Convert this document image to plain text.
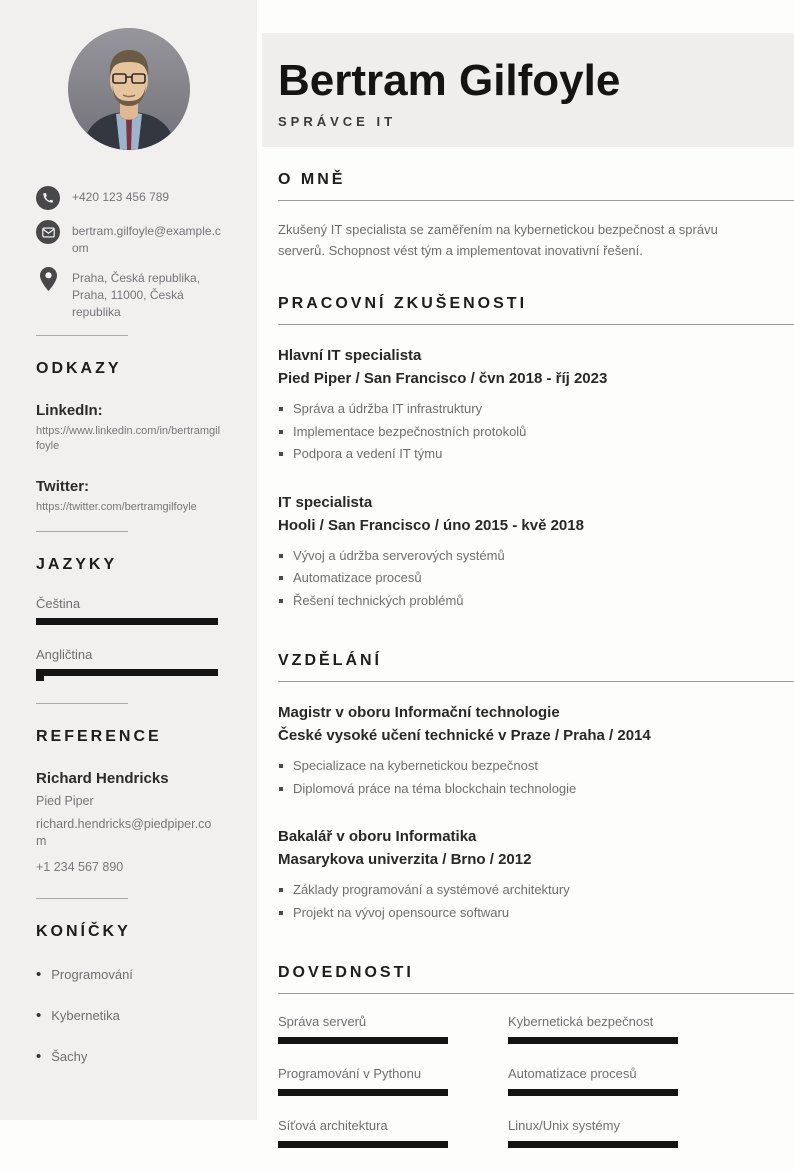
+420 123 456 789
bertram.gilfoyle@example.com
Praha, Česká republika, Praha, 11000, Česká republika
ODKAZY
LinkedIn:
https://www.linkedin.com/in/bertramgilfoyle
Twitter:
https://twitter.com/bertramgilfoyle
JAZYKY
Čeština
Angličtina
REFERENCE
Richard Hendricks
Pied Piper
richard.hendricks@piedpiper.com
+1 234 567 890
KONÍČKY
• Programování
• Kybernetika
• Šachy
Bertram Gilfoyle
SPRÁVCE IT
O MNĚ

Zkušený IT specialista se zaměřením na kybernetickou bezpečnost a správu serverů. Schopnost vést tým a implementovat inovativní řešení.

PRACOVNÍ ZKUŠENOSTI
Hlavní IT specialista
Pied Piper / San Francisco / čvn 2018 - říj 2023
Správa a údržba IT infrastruktury
Implementace bezpečnostních protokolů
Podpora a vedení IT týmu
IT specialista
Hooli / San Francisco / úno 2015 - kvě 2018
Vývoj a údržba serverových systémů
Automatizace procesů
Řešení technických problémů
VZDĚLÁNÍ
Magistr v oboru Informační technologie
České vysoké učení technické v Praze / Praha / 2014
Specializace na kybernetickou bezpečnost
Diplomová práce na téma blockchain technologie
Bakalář v oboru Informatika
Masarykova univerzita / Brno / 2012
Základy programování a systémové architektury
Projekt na vývoj opensource softwaru
DOVEDNOSTI
Správa serverů	Kybernetická bezpečnost
Programování v Pythonu	Automatizace procesů
Síťová architektura	Linux/Unix systémy
